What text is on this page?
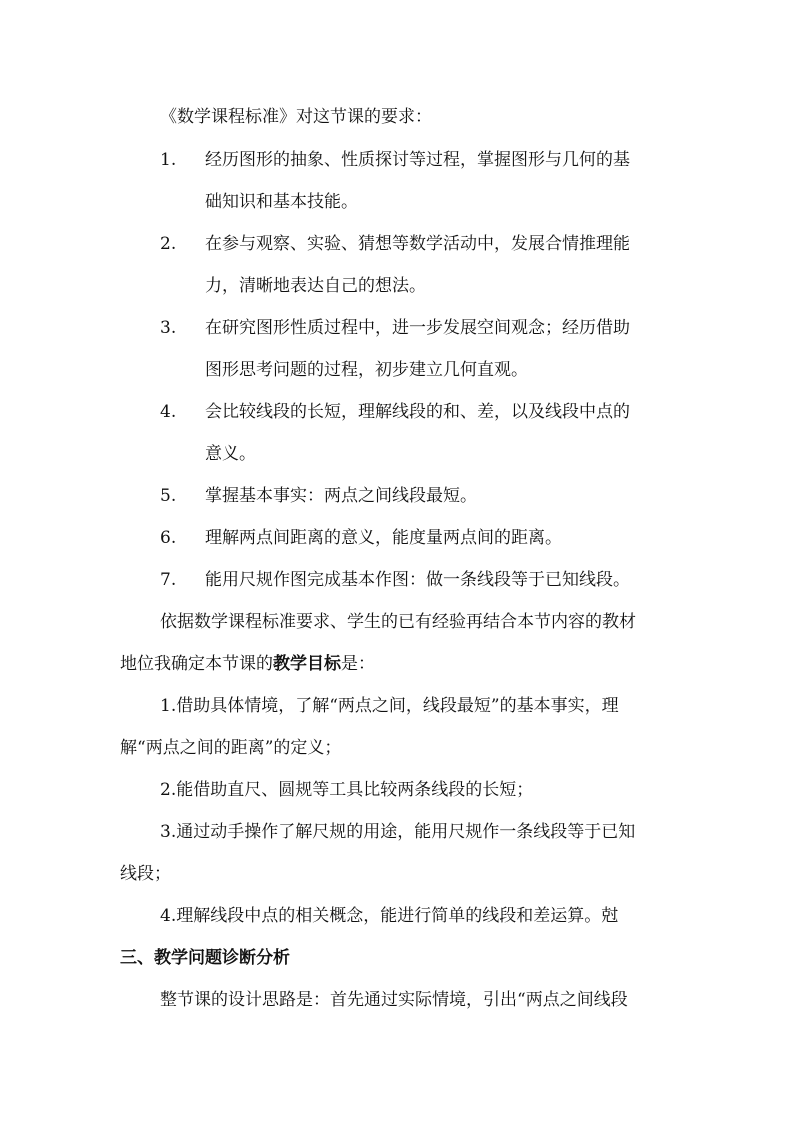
《数学课程标准》对这节课的要求：
1. 经历图形的抽象、性质探讨等过程，掌握图形与几何的基
础知识和基本技能。
2. 在参与观察、实验、猜想等数学活动中，发展合情推理能
力，清晰地表达自己的想法。
3. 在研究图形性质过程中，进一步发展空间观念；经历借助
图形思考问题的过程，初步建立几何直观。
4. 会比较线段的长短，理解线段的和、差，以及线段中点的
意义。
5. 掌握基本事实：两点之间线段最短。
6. 理解两点间距离的意义，能度量两点间的距离。
7. 能用尺规作图完成基本作图：做一条线段等于已知线段。
依据数学课程标准要求、学生的已有经验再结合本节内容的教材
地位我确定本节课的教学目标是：
1.借助具体情境，了解“两点之间，线段最短”的基本事实，理
解“两点之间的距离”的定义；
2.能借助直尺、圆规等工具比较两条线段的长短；
3.通过动手操作了解尺规的用途，能用尺规作一条线段等于已知
线段；
4.理解线段中点的相关概念，能进行简单的线段和差运算。尅
三、教学问题诊断分析
整节课的设计思路是：首先通过实际情境，引出“两点之间线段
